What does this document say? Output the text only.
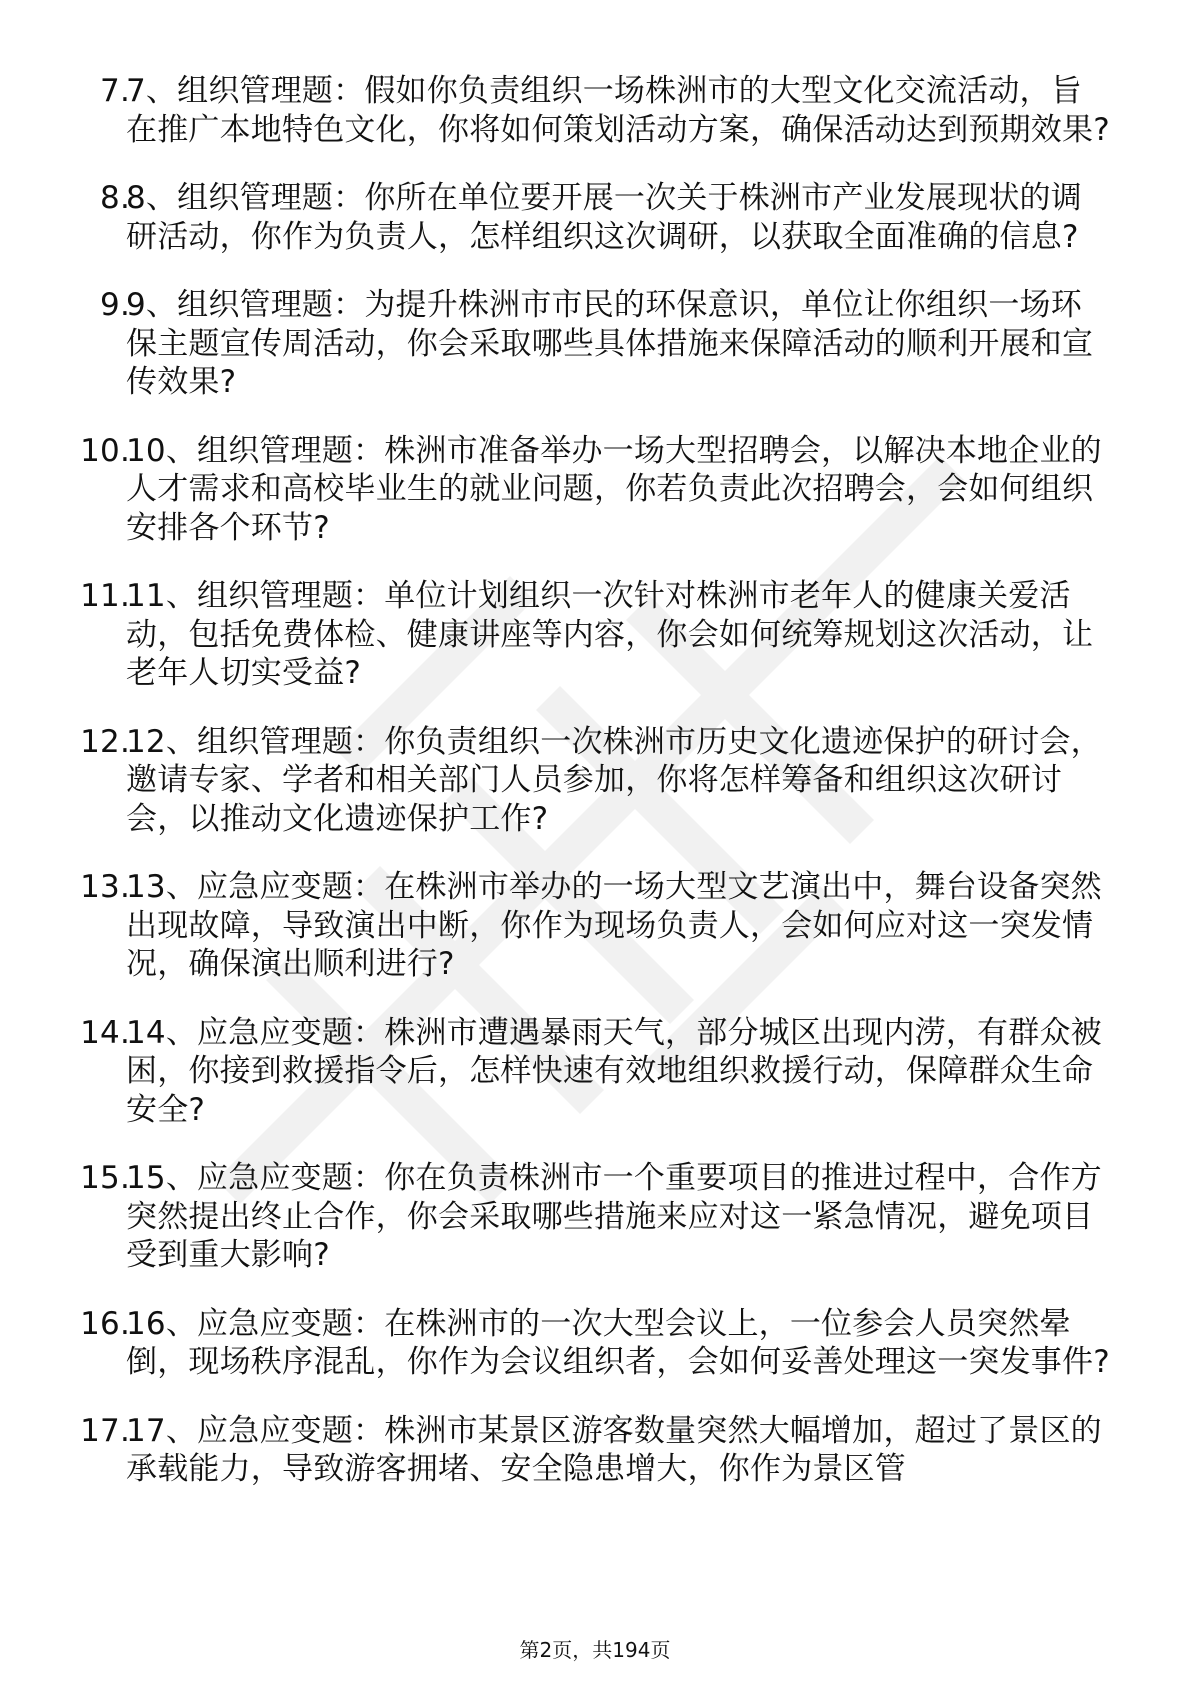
7.
7、组织管理题：假如你负责组织一场株洲市的大型文化交流活动，旨在推广本地特色文化，你将如何策划活动方案，确保活动达到预期效果?
8.
8、组织管理题：你所在单位要开展一次关于株洲市产业发展现状的调研活动，你作为负责人，怎样组织这次调研，以获取全面准确的信息?
9.
9、组织管理题：为提升株洲市市民的环保意识，单位让你组织一场环保主题宣传周活动，你会采取哪些具体措施来保障活动的顺利开展和宣传效果?
10.
10、组织管理题：株洲市准备举办一场大型招聘会，以解决本地企业的人才需求和高校毕业生的就业问题，你若负责此次招聘会，会如何组织安排各个环节?
11.
11、组织管理题：单位计划组织一次针对株洲市老年人的健康关爱活动，包括免费体检、健康讲座等内容，你会如何统筹规划这次活动，让老年人切实受益?
12.
12、组织管理题：你负责组织一次株洲市历史文化遗迹保护的研讨会，邀请专家、学者和相关部门人员参加，你将怎样筹备和组织这次研讨会，以推动文化遗迹保护工作?
13.
13、应急应变题：在株洲市举办的一场大型文艺演出中，舞台设备突然出现故障，导致演出中断，你作为现场负责人，会如何应对这一突发情况，确保演出顺利进行?
14.
14、应急应变题：株洲市遭遇暴雨天气，部分城区出现内涝，有群众被困，你接到救援指令后，怎样快速有效地组织救援行动，保障群众生命安全?
15.
15、应急应变题：你在负责株洲市一个重要项目的推进过程中，合作方突然提出终止合作，你会采取哪些措施来应对这一紧急情况，避免项目受到重大影响?
16.
16、应急应变题：在株洲市的一次大型会议上，一位参会人员突然晕倒，现场秩序混乱，你作为会议组织者，会如何妥善处理这一突发事件?
17.
17、应急应变题：株洲市某景区游客数量突然大幅增加，超过了景区的承载能力，导致游客拥堵、安全隐患增大，你作为景区管
第2页，共194页
